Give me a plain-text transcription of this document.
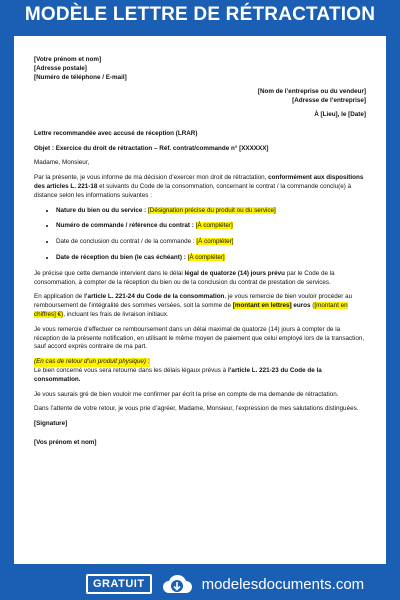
MODÈLE LETTRE DE RÉTRACTATION
[Votre prénom et nom]
[Adresse postale]
[Numéro de téléphone / E-mail]
[Nom de l’entreprise ou du vendeur]
[Adresse de l’entreprise]
À [Lieu], le [Date]

Lettre recommandée avec accusé de réception (LRAR)

Objet : Exercice du droit de rétractation – Réf. contrat/commande n° [XXXXXX]

Madame, Monsieur,

Par la présente, je vous informe de ma décision d’exercer mon droit de rétractation, conformément aux dispositions des articles L. 221-18 et suivants du Code de la consommation, concernant le contrat / la commande conclu(e) à distance selon les informations suivantes :

• Nature du bien ou du service : [Désignation précise du produit ou du service]
• Numéro de commande / référence du contrat : [À compléter]
• Date de conclusion du contrat / de la commande : [À compléter]
• Date de réception du bien (le cas échéant) : [À compléter]

Je précise que cette demande intervient dans le délai légal de quatorze (14) jours prévu par le Code de la consommation, à compter de la réception du bien ou de la conclusion du contrat de prestation de services.

En application de l’article L. 221-24 du Code de la consommation, je vous remercie de bien vouloir procéder au remboursement de l’intégralité des sommes versées, soit la somme de [montant en lettres] euros [montant en chiffres] €), incluant les frais de livraison initiaux.

Je vous remercie d’effectuer ce remboursement dans un délai maximal de quatorze (14) jours à compter de la réception de la présente notification, en utilisant le même moyen de paiement que celui employé lors de la transaction, sauf accord exprès contraire de ma part.

(En cas de retour d’un produit physique) :

Le bien concerné vous sera retourné dans les délais légaux prévus à l’article L. 221-23 du Code de la consommation.

Je vous saurais gré de bien vouloir me confirmer par écrit la prise en compte de ma demande de rétractation.

Dans l’attente de votre retour, je vous prie d’agréer, Madame, Monsieur, l’expression de mes salutations distinguées.

[Signature]

[Vos prénom et nom]

GRATUIT	modelesdocuments.com
